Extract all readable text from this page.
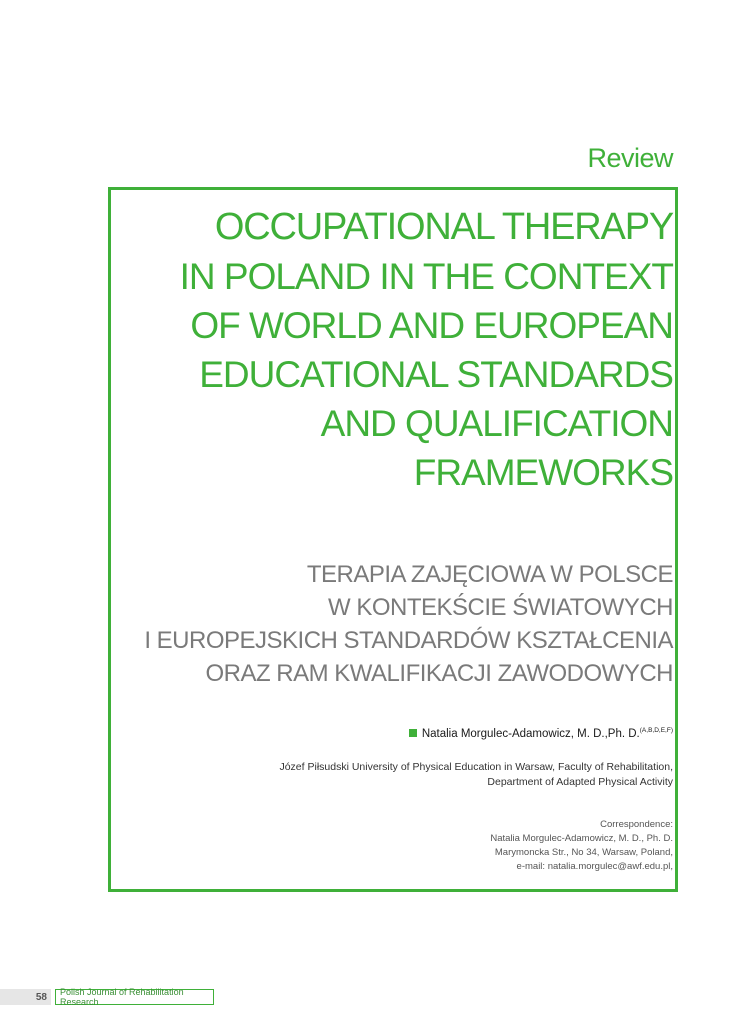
Review
OCCUPATIONAL THERAPY
IN POLAND IN THE CONTEXT
OF WORLD AND EUROPEAN
EDUCATIONAL STANDARDS
AND QUALIFICATION
FRAMEWORKS
TERAPIA ZAJĘCIOWA W POLSCE
W KONTEKŚCIE ŚWIATOWYCH
I EUROPEJSKICH STANDARDÓW KSZTAŁCENIA
ORAZ RAM KWALIFIKACJI ZAWODOWYCH
Natalia Morgulec-Adamowicz, M. D.,Ph. D.$^{(A,B,D,E,F)}$
Józef Piłsudski University of Physical Education in Warsaw, Faculty of Rehabilitation,
Department of Adapted Physical Activity
Correspondence:
Natalia Morgulec-Adamowicz, M. D., Ph. D.
Marymoncka Str., No 34, Warsaw, Poland,
e-mail: natalia.morgulec@awf.edu.pl,
58	Polish Journal of Rehabilitation Research
